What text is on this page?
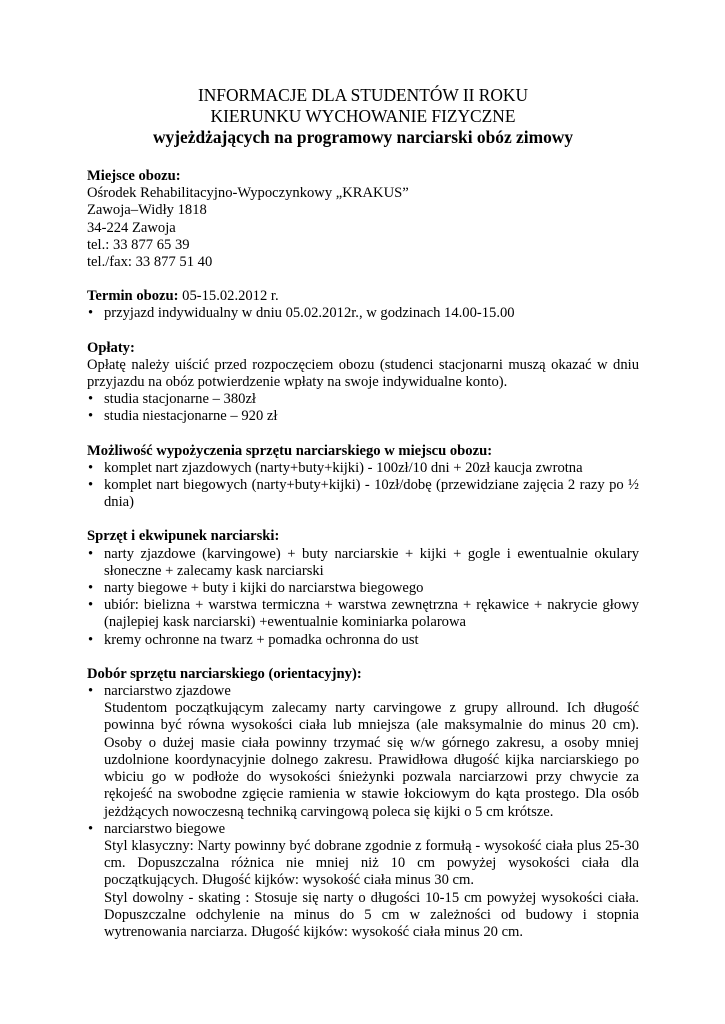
INFORMACJE DLA STUDENTÓW II ROKU
KIERUNKU WYCHOWANIE FIZYCZNE
wyjeżdżających na programowy narciarski obóz zimowy
Miejsce obozu:
Ośrodek Rehabilitacyjno-Wypoczynkowy „KRAKUS”
Zawoja–Widły 1818
34-224 Zawoja
tel.: 33 877 65 39
tel./fax: 33 877 51 40
Termin obozu: 05-15.02.2012 r.
• przyjazd indywidualny w dniu 05.02.2012r., w godzinach 14.00-15.00
Opłaty:
Opłatę należy uiścić przed rozpoczęciem obozu (studenci stacjonarni muszą okazać w dniu przyjazdu na obóz potwierdzenie wpłaty na swoje indywidualne konto).
• studia stacjonarne – 380zł
• studia niestacjonarne – 920 zł
Możliwość wypożyczenia sprzętu narciarskiego w miejscu obozu:
• komplet nart zjazdowych (narty+buty+kijki) - 100zł/10 dni + 20zł kaucja zwrotna
• komplet nart biegowych (narty+buty+kijki) - 10zł/dobę (przewidziane zajęcia 2 razy po ½ dnia)
Sprzęt i ekwipunek narciarski:
• narty zjazdowe (karvingowe) + buty narciarskie + kijki + gogle i ewentualnie okulary słoneczne + zalecamy kask narciarski
• narty biegowe + buty i kijki do narciarstwa biegowego
• ubiór: bielizna + warstwa termiczna + warstwa zewnętrzna + rękawice + nakrycie głowy (najlepiej kask narciarski) +ewentualnie kominiarka polarowa
• kremy ochronne na twarz + pomadka ochronna do ust
Dobór sprzętu narciarskiego (orientacyjny):
• narciarstwo zjazdowe
Studentom początkującym zalecamy narty carvingowe z grupy allround. Ich długość powinna być równa wysokości ciała lub mniejsza (ale maksymalnie do minus 20 cm). Osoby o dużej masie ciała powinny trzymać się w/w górnego zakresu, a osoby mniej uzdolnione koordynacyjnie dolnego zakresu. Prawidłowa długość kijka narciarskiego po wbiciu go w podłoże do wysokości śnieżynki pozwala narciarzowi przy chwycie za rękojeść na swobodne zgięcie ramienia w stawie łokciowym do kąta prostego. Dla osób jeżdżących nowoczesną techniką carvingową poleca się kijki o 5 cm krótsze.
• narciarstwo biegowe
Styl klasyczny: Narty powinny być dobrane zgodnie z formułą - wysokość ciała plus 25-30 cm. Dopuszczalna różnica nie mniej niż 10 cm powyżej wysokości ciała dla początkujących. Długość kijków: wysokość ciała minus 30 cm.
Styl dowolny - skating : Stosuje się narty o długości 10-15 cm powyżej wysokości ciała. Dopuszczalne odchylenie na minus do 5 cm w zależności od budowy i stopnia wytrenowania narciarza. Długość kijków: wysokość ciała minus 20 cm.
